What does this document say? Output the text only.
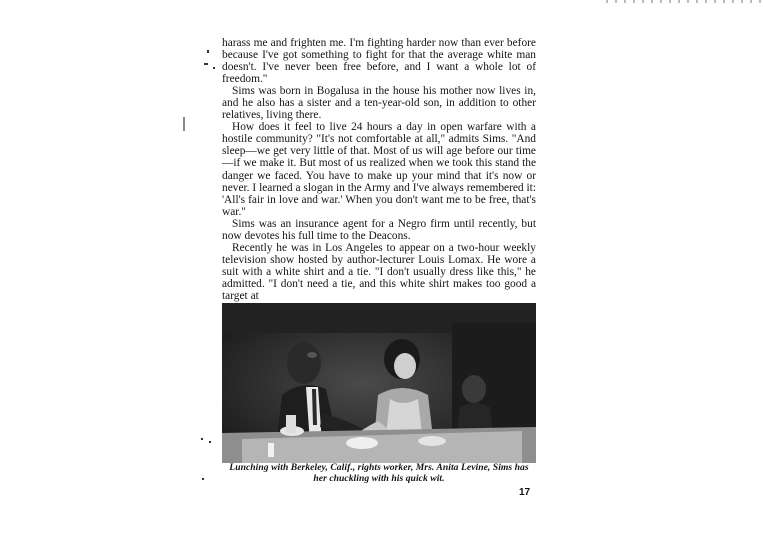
harass me and frighten me. I'm fighting harder now than ever before because I've got something to fight for that the average white man doesn't. I've never been free before, and I want a whole lot of freedom."

Sims was born in Bogalusa in the house his mother now lives in, and he also has a sister and a ten-year-old son, in addition to other relatives, living there.

How does it feel to live 24 hours a day in open warfare with a hostile community? "It's not comfortable at all," admits Sims. "And sleep—we get very little of that. Most of us will age before our time—if we make it. But most of us realized when we took this stand the danger we faced. You have to make up your mind that it's now or never. I learned a slogan in the Army and I've always remembered it: 'All's fair in love and war.' When you don't want me to be free, that's war."

Sims was an insurance agent for a Negro firm until recently, but now devotes his full time to the Deacons.

Recently he was in Los Angeles to appear on a two-hour weekly television show hosted by author-lecturer Louis Lomax. He wore a suit with a white shirt and a tie. "I don't usually dress like this," he admitted. "I don't need a tie, and this white shirt makes too good a target at

Lunching with Berkeley, Calif., rights worker, Mrs. Anita Levine, Sims has her chuckling with his quick wit.
17
